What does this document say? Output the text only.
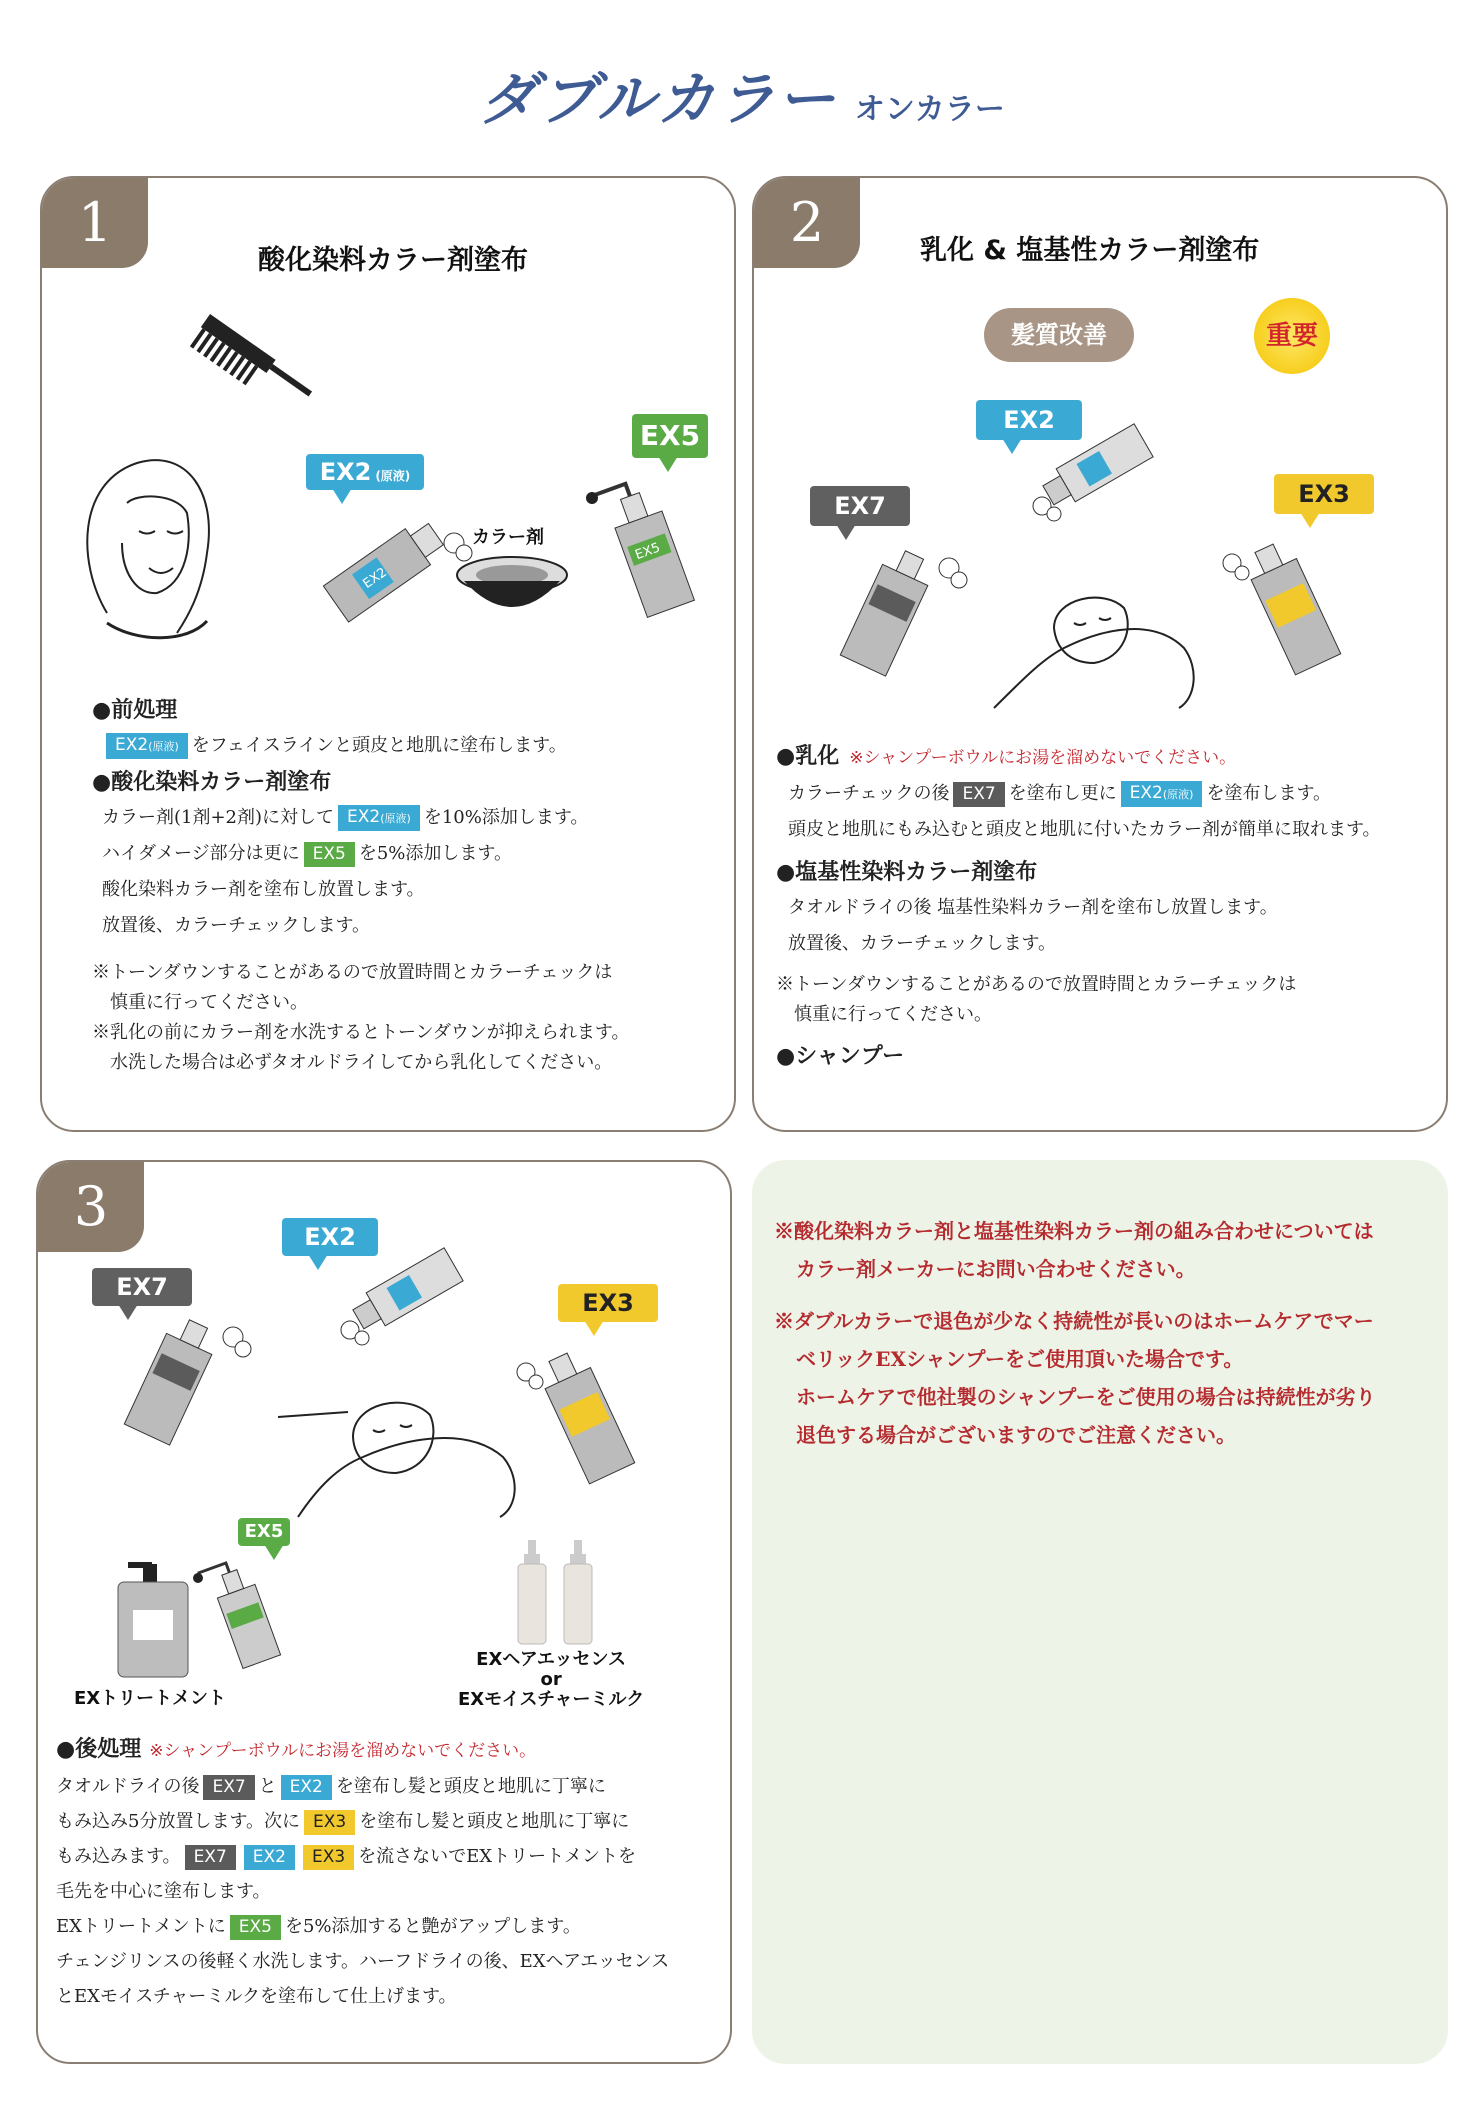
ダブルカラー オンカラー
1
酸化染料カラー剤塗布
EX2 (原液)
EX2
カラー剤
EX5
EX5

●前処理

EX2(原液) をフェイスラインと頭皮と地肌に塗布します。

●酸化染料カラー剤塗布

カラー剤(1剤+2剤)に対して EX2(原液) を10%添加します。

ハイダメージ部分は更に EX5 を5%添加します。

酸化染料カラー剤を塗布し放置します。

放置後、カラーチェックします。

※トーンダウンすることがあるので放置時間とカラーチェックは

慎重に行ってください。

※乳化の前にカラー剤を水洗するとトーンダウンが抑えられます。

水洗した場合は必ずタオルドライしてから乳化してください。

2	乳化 & 塩基性カラー剤塗布
髪質改善	重要
EX2
EX7	EX3

●乳化 ※シャンプーボウルにお湯を溜めないでください。

カラーチェックの後 EX7 を塗布し更に EX2(原液) を塗布します。

頭皮と地肌にもみ込むと頭皮と地肌に付いたカラー剤が簡単に取れます。

●塩基性染料カラー剤塗布

タオルドライの後 塩基性染料カラー剤を塗布し放置します。

放置後、カラーチェックします。

※トーンダウンすることがあるので放置時間とカラーチェックは

慎重に行ってください。

●シャンプー

3	EX2
EX7
EX3
EX5
EXトリートメント
EXヘアエッセンス
or
EXモイスチャーミルク

●後処理 ※シャンプーボウルにお湯を溜めないでください。

タオルドライの後 EX7 と EX2 を塗布し髪と頭皮と地肌に丁寧に

もみ込み5分放置します。次に EX3 を塗布し髪と頭皮と地肌に丁寧に

もみ込みます。 EX7 EX2 EX3 を流さないでEXトリートメントを

毛先を中心に塗布します。

EXトリートメントに EX5 を5%添加すると艶がアップします。

チェンジリンスの後軽く水洗します。ハーフドライの後、EXヘアエッセンス

とEXモイスチャーミルクを塗布して仕上げます。

※酸化染料カラー剤と塩基性染料カラー剤の組み合わせについては
カラー剤メーカーにお問い合わせください。

※ダブルカラーで退色が少なく持続性が長いのはホームケアでマー
ベリックEXシャンプーをご使用頂いた場合です。
ホームケアで他社製のシャンプーをご使用の場合は持続性が劣り
退色する場合がございますのでご注意ください。
